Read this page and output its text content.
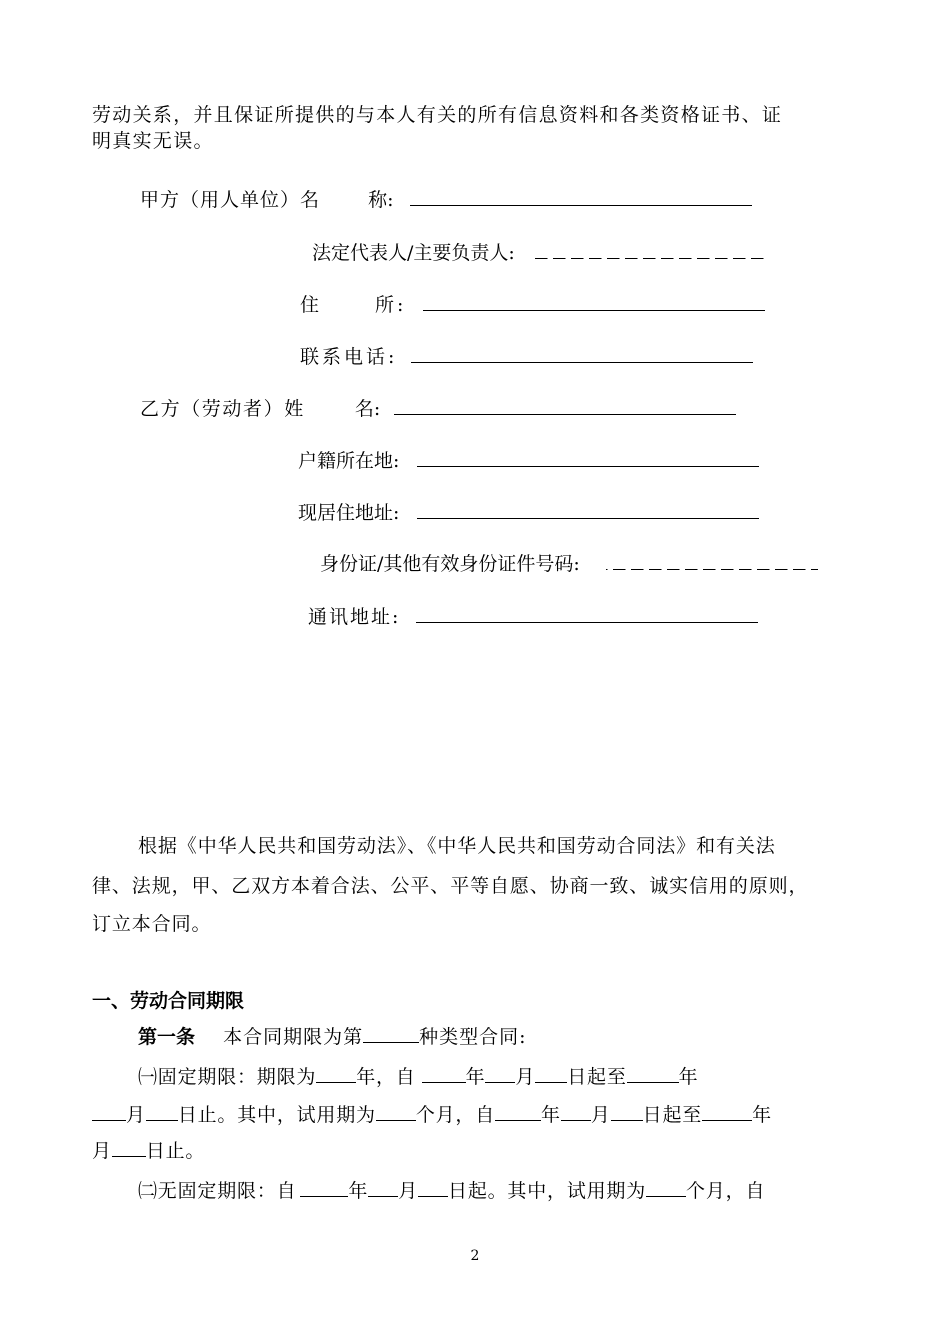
劳动关系，并且保证所提供的与本人有关的所有信息资料和各类资格证书、证
明真实无误。
甲方（用人单位）名	称:
法定代表人/主要负责人:
住　　 所:
联系电话:
乙方（劳动者）姓	名:
户籍所在地:
现居住地址:
身份证/其他有效身份证件号码:
通讯地址:
根据《中华人民共和国劳动法》、《中华人民共和国劳动合同法》和有关法
律、法规，甲、乙双方本着合法、公平、平等自愿、协商一致、诚实信用的原则，
订立本合同。
一、劳动合同期限
第一条 本合同期限为第	种类型合同:
㈠固定期限：期限为 年，自	年 月 日起至	年
月 日止。其中，试用期为 个月，自 年 月 日起至	年
月 日止。
㈡无固定期限：自	年 月 日起。其中，试用期为 个月，自
2
